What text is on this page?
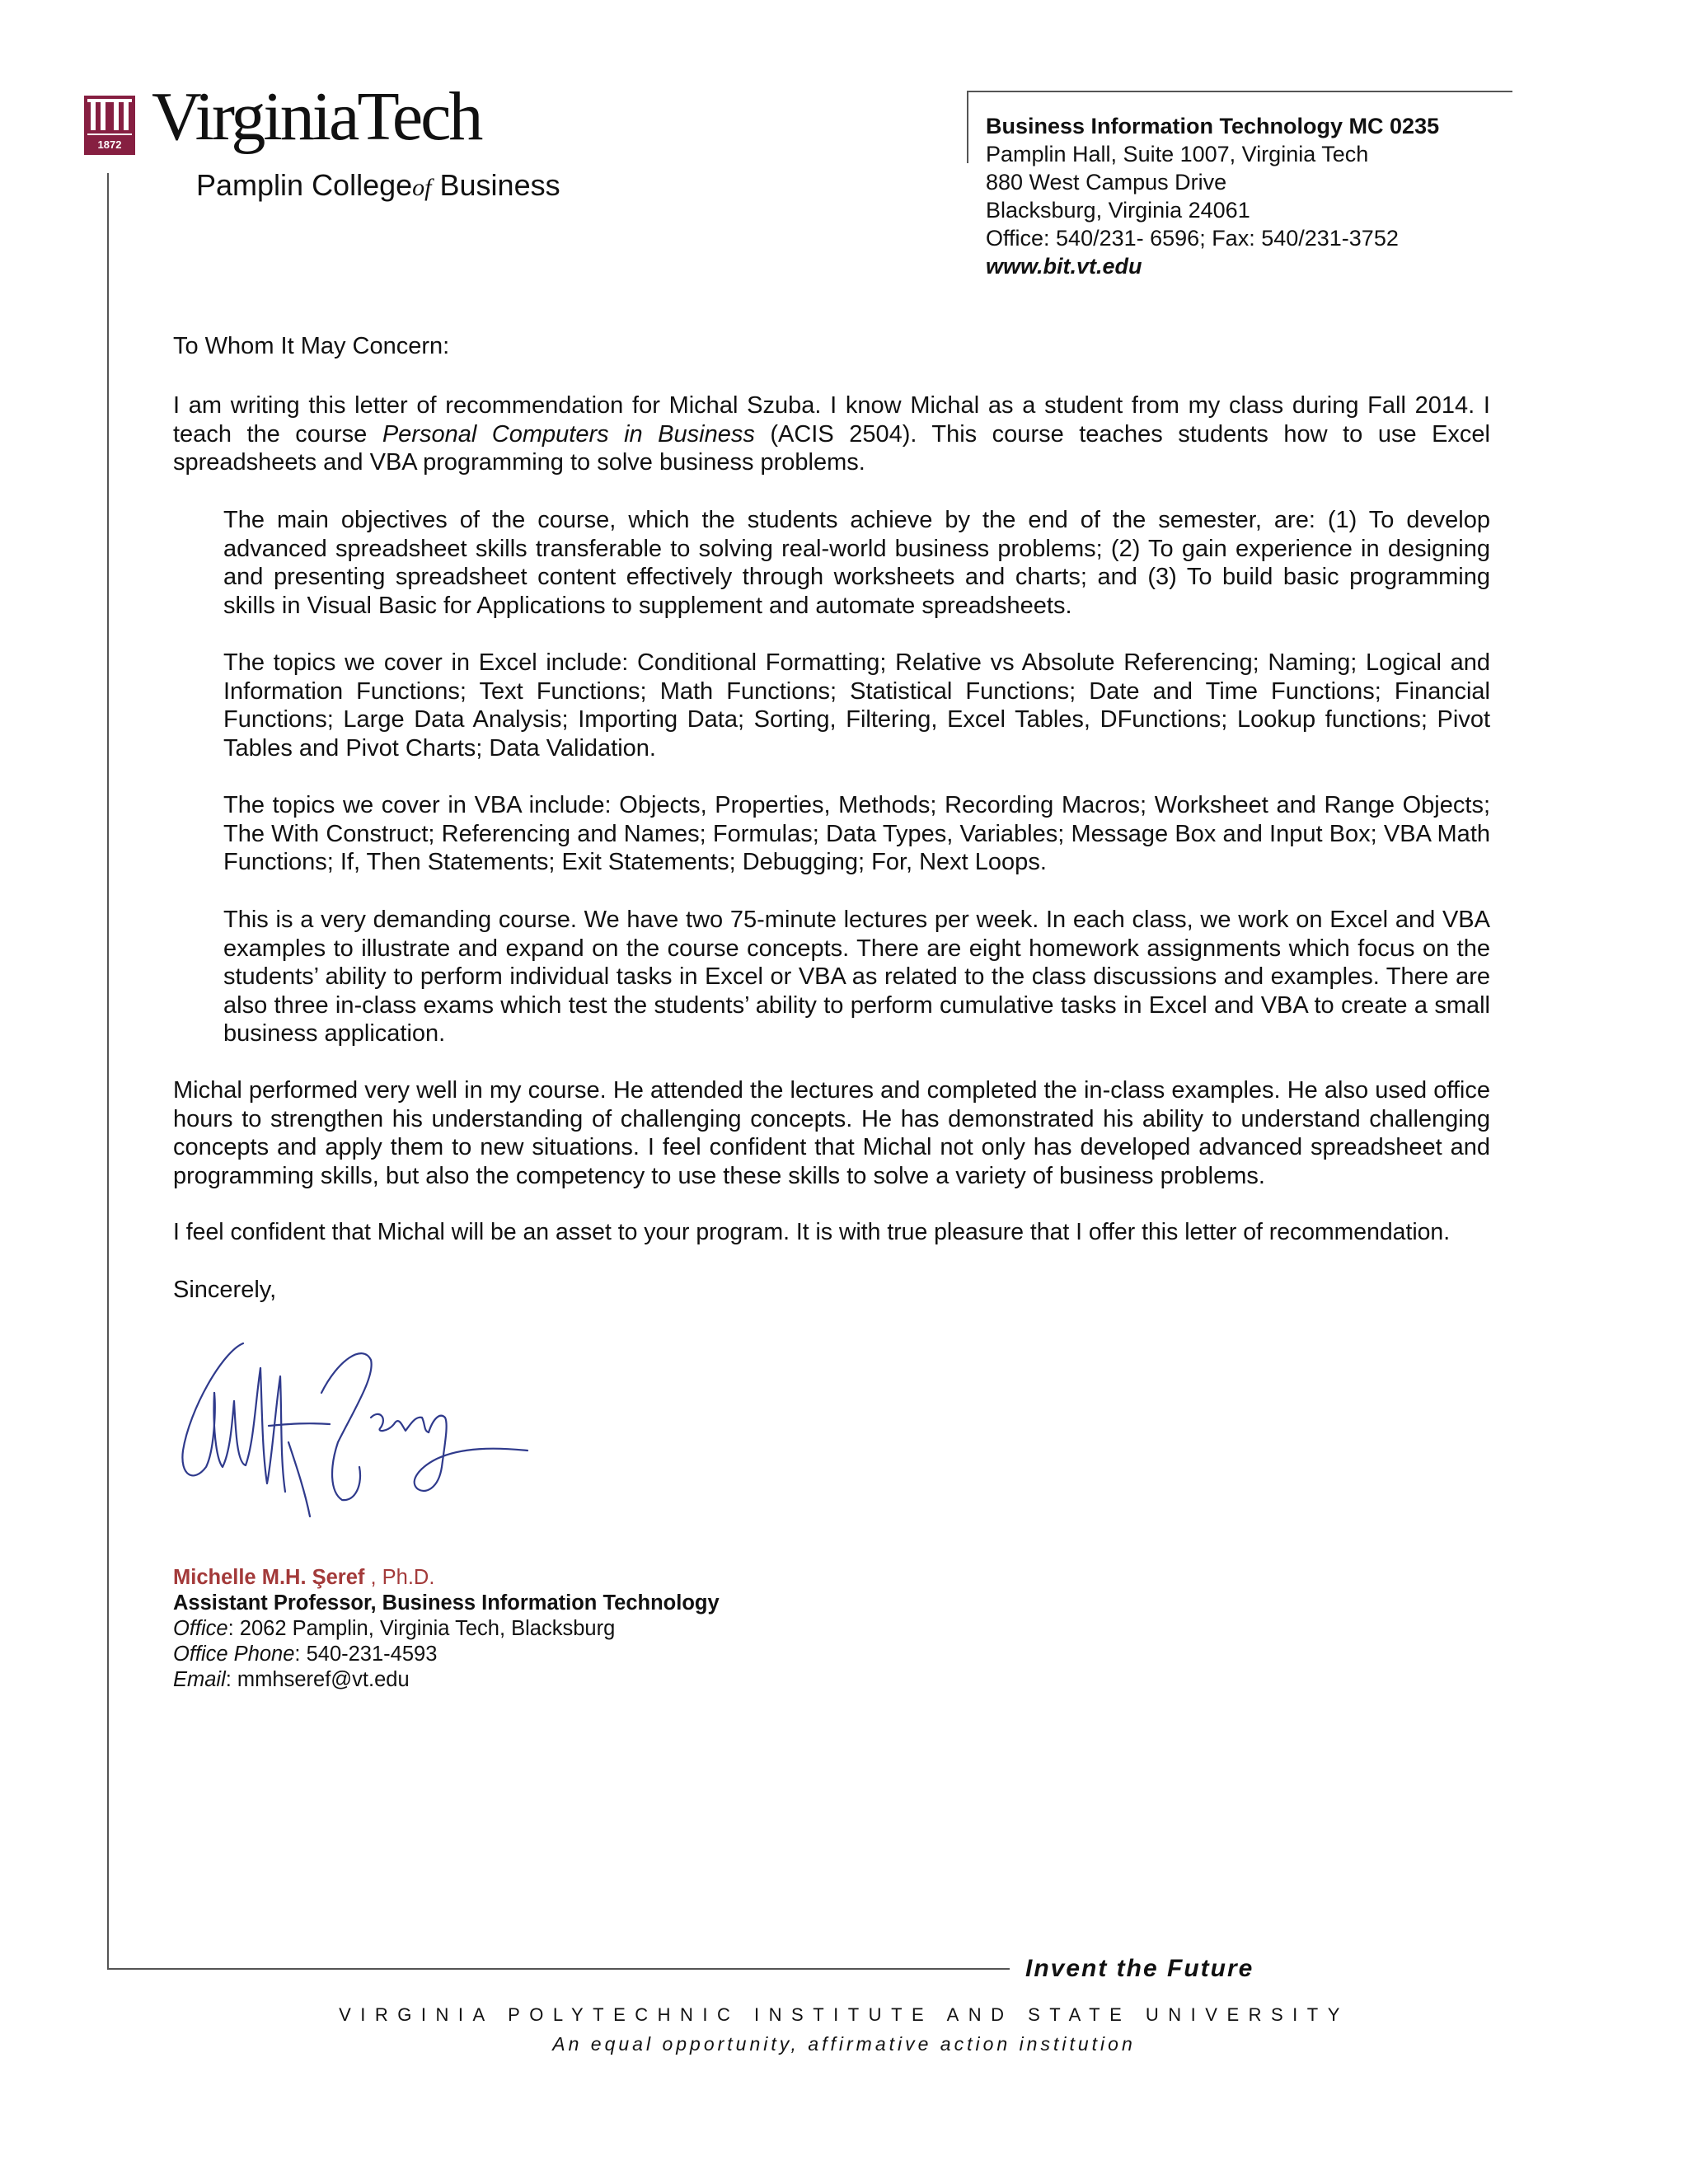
1872 VirginiaTech
Pamplin Collegeof Business
Business Information Technology MC 0235
Pamplin Hall, Suite 1007, Virginia Tech
880 West Campus Drive
Blacksburg, Virginia 24061
Office: 540/231- 6596; Fax: 540/231-3752
www.bit.vt.edu
To Whom It May Concern:
I am writing this letter of recommendation for Michal Szuba. I know Michal as a student from my class during Fall 2014. I teach the course Personal Computers in Business (ACIS 2504). This course teaches students how to use Excel spreadsheets and VBA programming to solve business problems.
The main objectives of the course, which the students achieve by the end of the semester, are: (1) To develop advanced spreadsheet skills transferable to solving real-world business problems; (2) To gain experience in designing and presenting spreadsheet content effectively through worksheets and charts; and (3) To build basic programming skills in Visual Basic for Applications to supplement and automate spreadsheets.
The topics we cover in Excel include: Conditional Formatting; Relative vs Absolute Referencing; Naming; Logical and Information Functions; Text Functions; Math Functions; Statistical Functions; Date and Time Functions; Financial Functions; Large Data Analysis; Importing Data; Sorting, Filtering, Excel Tables, DFunctions; Lookup functions; Pivot Tables and Pivot Charts; Data Validation.
The topics we cover in VBA include: Objects, Properties, Methods; Recording Macros; Worksheet and Range Objects; The With Construct; Referencing and Names; Formulas; Data Types, Variables; Message Box and Input Box; VBA Math Functions; If, Then Statements; Exit Statements; Debugging; For, Next Loops.
This is a very demanding course. We have two 75-minute lectures per week. In each class, we work on Excel and VBA examples to illustrate and expand on the course concepts. There are eight homework assignments which focus on the students’ ability to perform individual tasks in Excel or VBA as related to the class discussions and examples. There are also three in-class exams which test the students’ ability to perform cumulative tasks in Excel and VBA to create a small business application.
Michal performed very well in my course. He attended the lectures and completed the in-class examples. He also used office hours to strengthen his understanding of challenging concepts. He has demonstrated his ability to understand challenging concepts and apply them to new situations. I feel confident that Michal not only has developed advanced spreadsheet and programming skills, but also the competency to use these skills to solve a variety of business problems.
I feel confident that Michal will be an asset to your program. It is with true pleasure that I offer this letter of recommendation.
Sincerely,
Michelle M.H. Şeref , Ph.D.
Assistant Professor, Business Information Technology
Office: 2062 Pamplin, Virginia Tech, Blacksburg
Office Phone: 540-231-4593
Email: mmhseref@vt.edu
Invent the Future
VIRGINIA POLYTECHNIC INSTITUTE AND STATE UNIVERSITY
An equal opportunity, affirmative action institution
